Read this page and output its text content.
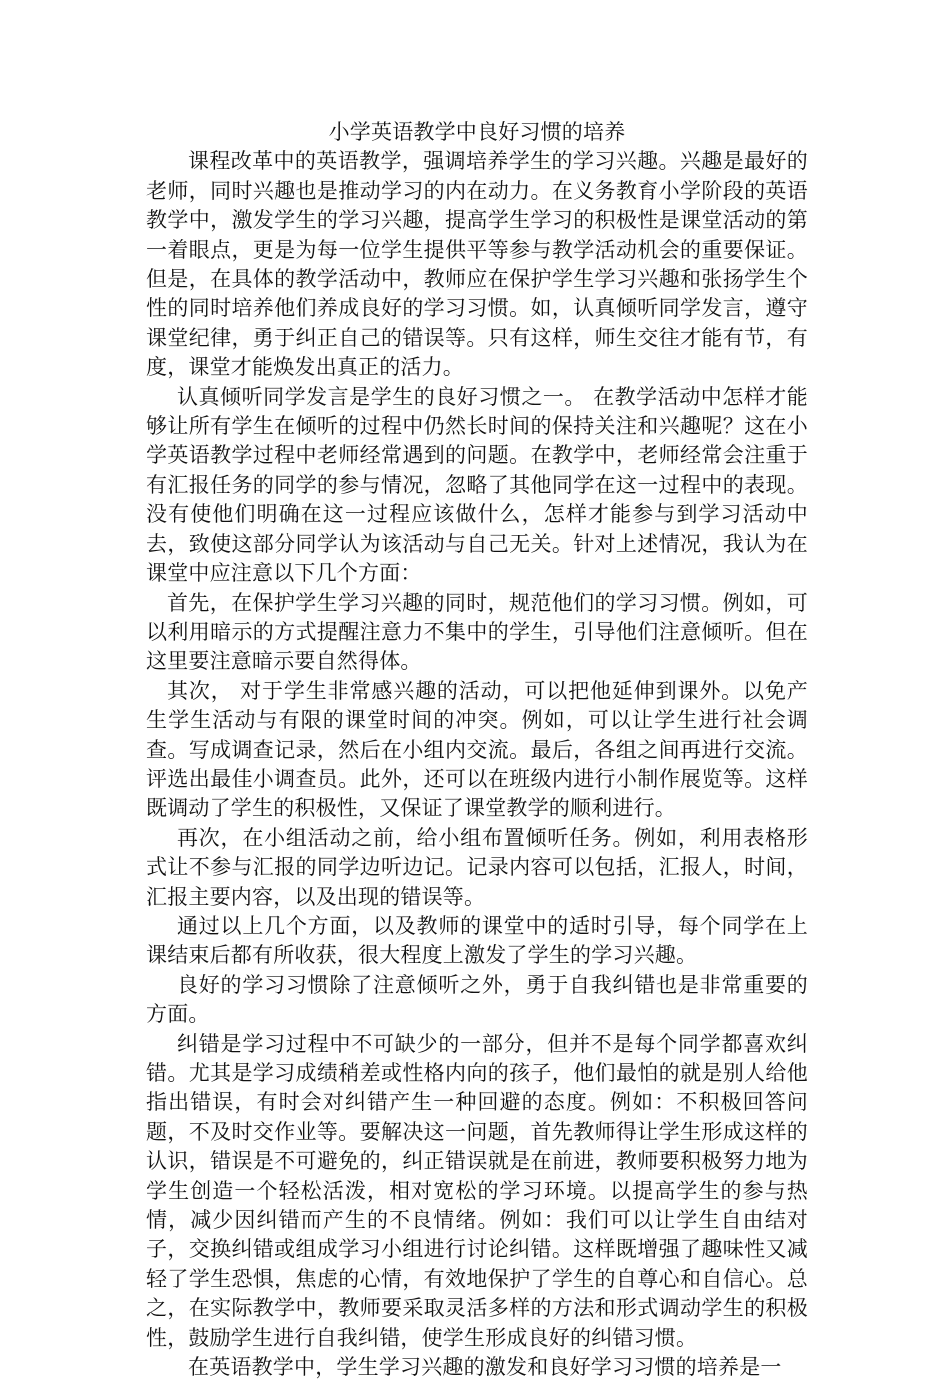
小学英语教学中良好习惯的培养

课程改革中的英语教学，强调培养学生的学习兴趣。兴趣是最好的老师，同时兴趣也是推动学习的内在动力。在义务教育小学阶段的英语教学中，激发学生的学习兴趣，提高学生学习的积极性是课堂活动的第一着眼点，更是为每一位学生提供平等参与教学活动机会的重要保证。但是，在具体的教学活动中，教师应在保护学生学习兴趣和张扬学生个性的同时培养他们养成良好的学习习惯。如，认真倾听同学发言，遵守课堂纪律，勇于纠正自己的错误等。只有这样，师生交往才能有节，有度，课堂才能焕发出真正的活力。

认真倾听同学发言是学生的良好习惯之一。 在教学活动中怎样才能够让所有学生在倾听的过程中仍然长时间的保持关注和兴趣呢？这在小学英语教学过程中老师经常遇到的问题。在教学中，老师经常会注重于有汇报任务的同学的参与情况，忽略了其他同学在这一过程中的表现。没有使他们明确在这一过程应该做什么，怎样才能参与到学习活动中去，致使这部分同学认为该活动与自己无关。针对上述情况，我认为在课堂中应注意以下几个方面：

首先，在保护学生学习兴趣的同时，规范他们的学习习惯。例如，可以利用暗示的方式提醒注意力不集中的学生，引导他们注意倾听。但在这里要注意暗示要自然得体。

其次， 对于学生非常感兴趣的活动，可以把他延伸到课外。以免产生学生活动与有限的课堂时间的冲突。例如，可以让学生进行社会调查。写成调查记录，然后在小组内交流。最后，各组之间再进行交流。评选出最佳小调查员。此外，还可以在班级内进行小制作展览等。这样既调动了学生的积极性，又保证了课堂教学的顺利进行。

再次，在小组活动之前，给小组布置倾听任务。例如，利用表格形式让不参与汇报的同学边听边记。记录内容可以包括，汇报人，时间，汇报主要内容，以及出现的错误等。

通过以上几个方面，以及教师的课堂中的适时引导，每个同学在上课结束后都有所收获，很大程度上激发了学生的学习兴趣。

良好的学习习惯除了注意倾听之外，勇于自我纠错也是非常重要的方面。

纠错是学习过程中不可缺少的一部分，但并不是每个同学都喜欢纠错。尤其是学习成绩稍差或性格内向的孩子，他们最怕的就是别人给他指出错误，有时会对纠错产生一种回避的态度。例如：不积极回答问题，不及时交作业等。要解决这一问题，首先教师得让学生形成这样的认识，错误是不可避免的，纠正错误就是在前进，教师要积极努力地为学生创造一个轻松活泼，相对宽松的学习环境。以提高学生的参与热情，减少因纠错而产生的不良情绪。例如：我们可以让学生自由结对子，交换纠错或组成学习小组进行讨论纠错。这样既增强了趣味性又减轻了学生恐惧，焦虑的心情，有效地保护了学生的自尊心和自信心。总之，在实际教学中，教师要采取灵活多样的方法和形式调动学生的积极性，鼓励学生进行自我纠错，使学生形成良好的纠错习惯。

在英语教学中，学生学习兴趣的激发和良好学习习惯的培养是一
